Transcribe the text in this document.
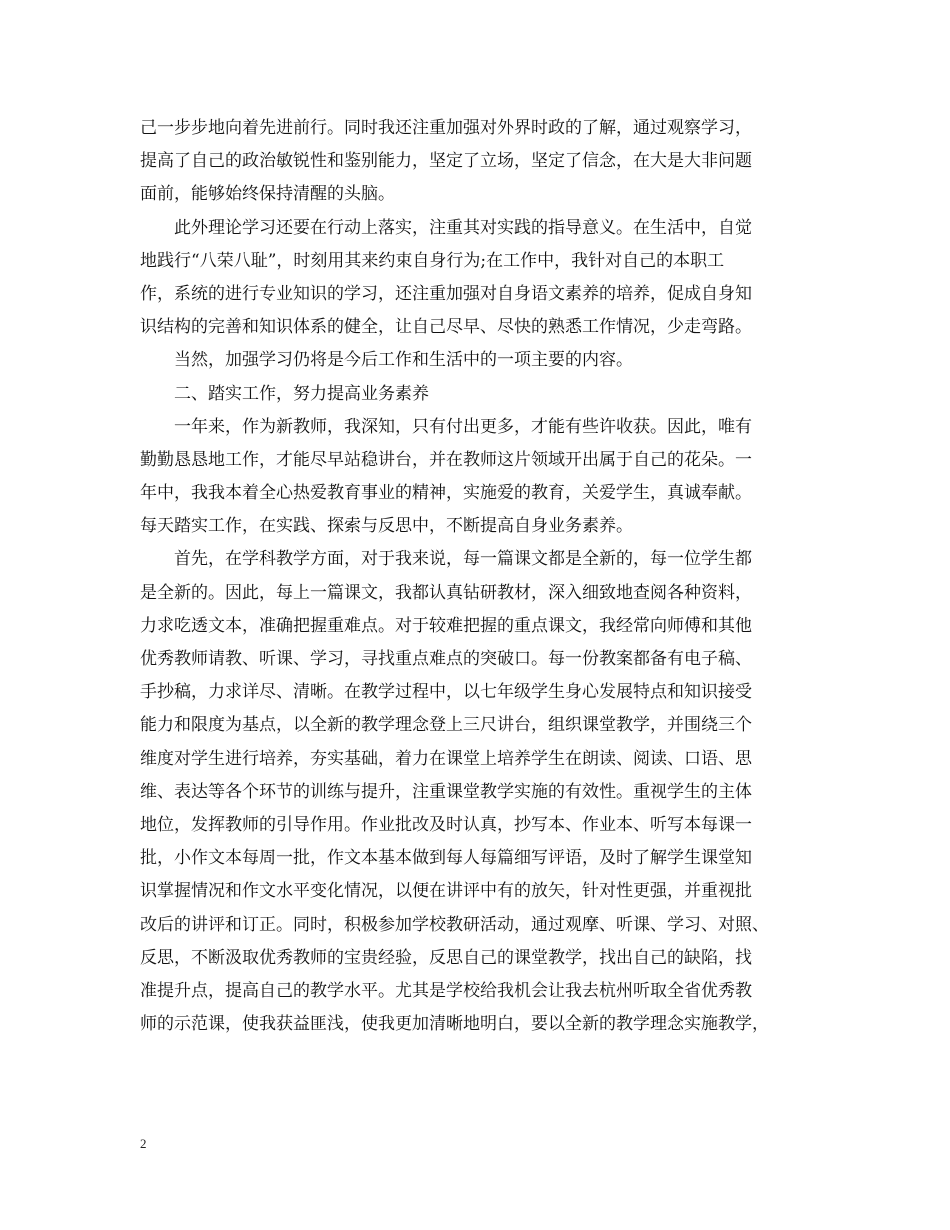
己一步步地向着先进前行。同时我还注重加强对外界时政的了解，通过观察学习，
提高了自己的政治敏锐性和鉴别能力，坚定了立场，坚定了信念，在大是大非问题
面前，能够始终保持清醒的头脑。
此外理论学习还要在行动上落实，注重其对实践的指导意义。在生活中，自觉
地践行“八荣八耻”，时刻用其来约束自身行为;在工作中，我针对自己的本职工
作，系统的进行专业知识的学习，还注重加强对自身语文素养的培养，促成自身知
识结构的完善和知识体系的健全，让自己尽早、尽快的熟悉工作情况，少走弯路。
当然，加强学习仍将是今后工作和生活中的一项主要的内容。
二、踏实工作，努力提高业务素养
一年来，作为新教师，我深知，只有付出更多，才能有些许收获。因此，唯有
勤勤恳恳地工作，才能尽早站稳讲台，并在教师这片领域开出属于自己的花朵。一
年中，我我本着全心热爱教育事业的精神，实施爱的教育，关爱学生，真诚奉献。
每天踏实工作，在实践、探索与反思中，不断提高自身业务素养。
首先，在学科教学方面，对于我来说，每一篇课文都是全新的，每一位学生都
是全新的。因此，每上一篇课文，我都认真钻研教材，深入细致地查阅各种资料，
力求吃透文本，准确把握重难点。对于较难把握的重点课文，我经常向师傅和其他
优秀教师请教、听课、学习，寻找重点难点的突破口。每一份教案都备有电子稿、
手抄稿，力求详尽、清晰。在教学过程中，以七年级学生身心发展特点和知识接受
能力和限度为基点，以全新的教学理念登上三尺讲台，组织课堂教学，并围绕三个
维度对学生进行培养，夯实基础，着力在课堂上培养学生在朗读、阅读、口语、思
维、表达等各个环节的训练与提升，注重课堂教学实施的有效性。重视学生的主体
地位，发挥教师的引导作用。作业批改及时认真，抄写本、作业本、听写本每课一
批，小作文本每周一批，作文本基本做到每人每篇细写评语，及时了解学生课堂知
识掌握情况和作文水平变化情况，以便在讲评中有的放矢，针对性更强，并重视批
改后的讲评和订正。同时，积极参加学校教研活动，通过观摩、听课、学习、对照、
反思，不断汲取优秀教师的宝贵经验，反思自己的课堂教学，找出自己的缺陷，找
准提升点，提高自己的教学水平。尤其是学校给我机会让我去杭州听取全省优秀教
师的示范课，使我获益匪浅，使我更加清晰地明白，要以全新的教学理念实施教学，
2
